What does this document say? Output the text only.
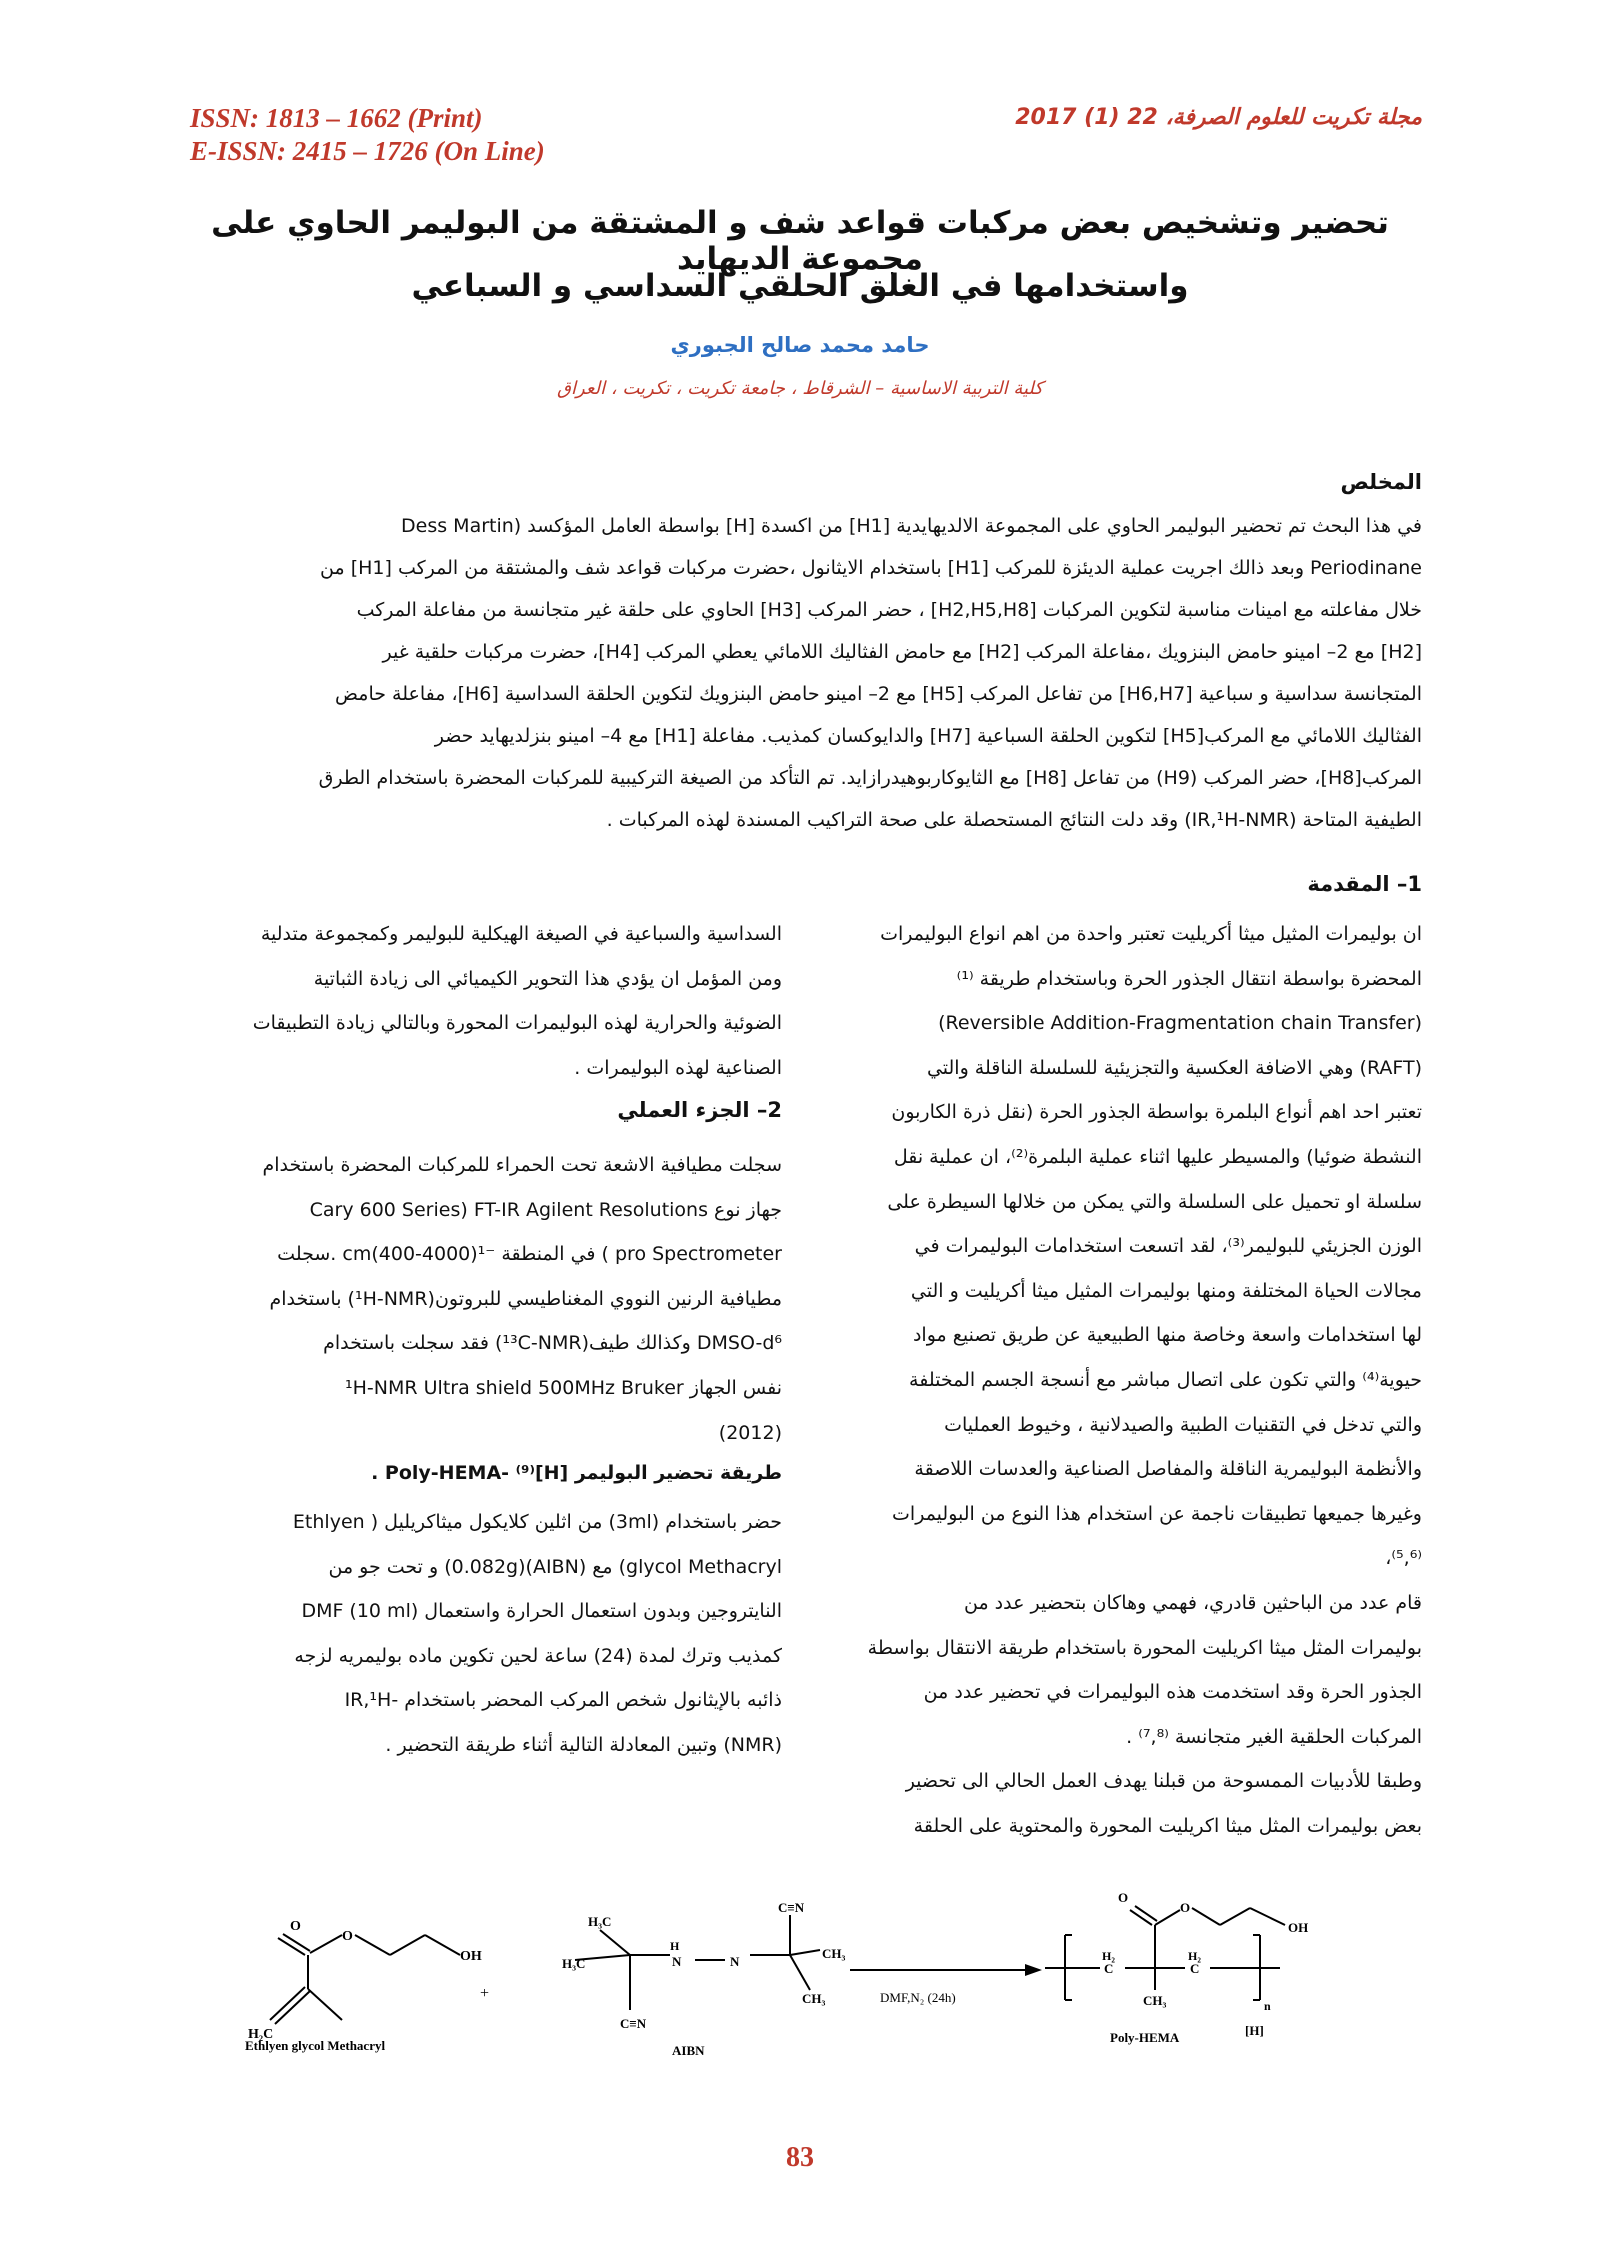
ISSN: 1813 – 1662 (Print)
E-ISSN: 2415 – 1726 (On Line)
مجلة تكريت للعلوم الصرفة، 22 (1) 2017
تحضير وتشخيص بعض مركبات قواعد شف و المشتقة من البوليمر الحاوي على مجموعة الديهايد
واستخدامها في الغلق الحلقي السداسي و السباعي
حامد محمد صالح الجبوري
كلية التربية الاساسية – الشرقاط ، جامعة تكريت ، تكريت ، العراق
المخلص
في هذا البحث تم تحضير البوليمر الحاوي على المجموعة الالديهايدية [H1] من اكسدة [H] بواسطة العامل المؤكسد (Dess Martin
Periodinane وبعد ذالك اجريت عملية الديئزة للمركب [H1] باستخدام الايثانول ،حضرت مركبات قواعد شف والمشتقة من المركب [H1] من
خلال مفاعلته مع امينات مناسبة لتكوين المركبات [H2,H5,H8] ، حضر المركب [H3] الحاوي على حلقة غير متجانسة من مفاعلة المركب
[H2] مع 2– امينو حامض البنزويك ،مفاعلة المركب [H2] مع حامض الفثاليك اللامائي يعطي المركب [H4]، حضرت مركبات حلقية غير
المتجانسة سداسية و سباعية [H6,H7] من تفاعل المركب [H5] مع 2– امينو حامض البنزويك لتكوين الحلقة السداسية [H6]، مفاعلة حامض
الفثاليك اللامائي مع المركب[H5] لتكوين الحلقة السباعية [H7] والدايوكسان كمذيب. مفاعلة [H1] مع 4– امينو بنزلديهايد حضر
المركب[H8]، حضر المركب (H9) من تفاعل [H8] مع الثايوكاربوهيدرازايد. تم التأكد من الصيغة التركيبية للمركبات المحضرة باستخدام الطرق
الطيفية المتاحة (IR,¹H-NMR) وقد دلت النتائج المستحصلة على صحة التراكيب المسندة لهذه المركبات .
1– المقدمة
ان بوليمرات المثيل ميثا أكريليت تعتبر واحدة من اهم انواع البوليمرات
المحضرة بواسطة انتقال الجذور الحرة وباستخدام طريقة ⁽¹⁾
(Reversible Addition-Fragmentation chain Transfer)
(RAFT) وهي الاضافة العكسية والتجزيئية للسلسلة الناقلة والتي
تعتبر احد اهم أنواع البلمرة بواسطة الجذور الحرة (نقل ذرة الكاربون
النشطة ضوئيا) والمسيطر عليها اثناء عملية البلمرة⁽²⁾، ان عملية نقل
سلسلة او تحميل على السلسلة والتي يمكن من خلالها السيطرة على
الوزن الجزيئي للبوليمر⁽³⁾، لقد اتسعت استخدامات البوليمرات في
مجالات الحياة المختلفة ومنها بوليمرات المثيل ميثا أكريليت و التي
لها استخدامات واسعة وخاصة منها الطبيعية عن طريق تصنيع مواد
حيوية⁽⁴⁾ والتي تكون على اتصال مباشر مع أنسجة الجسم المختلفة
والتي تدخل في التقنيات الطبية والصيدلانية ، وخيوط العمليات
والأنظمة البوليمرية الناقلة والمفاصل الصناعية والعدسات اللاصقة
وغيرها جميعها تطبيقات ناجمة عن استخدام هذا النوع من البوليمرات
⁽⁵,⁶⁾،
قام عدد من الباحثين قادري، فهمي وهاكان بتحضير عدد من
بوليمرات المثل ميثا اكريليت المحورة باستخدام طريقة الانتقال بواسطة
الجذور الحرة وقد استخدمت هذه البوليمرات في تحضير عدد من
المركبات الحلقية الغير متجانسة ⁽⁷,⁸⁾ .
وطبقا للأدبيات الممسوحة من قبلنا يهدف العمل الحالي الى تحضير
بعض بوليمرات المثل ميثا اكريليت المحورة والمحتوية على الحلقة
السداسية والسباعية في الصيغة الهيكلية للبوليمر وكمجموعة متدلية
ومن المؤمل ان يؤدي هذا التحوير الكيميائي الى زيادة الثباتية
الضوئية والحرارية لهذه البوليمرات المحورة وبالتالي زيادة التطبيقات
الصناعية لهذه البوليمرات .
2– الجزء العملي
سجلت مطيافية الاشعة تحت الحمراء للمركبات المحضرة باستخدام
جهاز نوع Cary 600 Series) FT-IR Agilent Resolutions
pro Spectrometer ) في المنطقة ⁻¹(4000-400)cm .سجلت
مطيافية الرنين النووي المغناطيسي للبروتون(¹H-NMR) باستخدام
DMSO-d⁶ وكذالك طيف(¹³C-NMR) فقد سجلت باستخدام
نفس الجهاز ¹H-NMR Ultra shield 500MHz Bruker
(2012)
طريقة تحضير البوليمر [H]Poly-HEMA- ⁽⁹⁾ .
حضر باستخدام (3ml) من اثلين كلايكول ميثاكريليل ( Ethlyen
glycol Methacryl) مع (AIBN)(0.082g) و تحت جو من
النايتروجين وبدون استعمال الحرارة واستعمال (DMF (10 ml
كمذيب وترك لمدة (24) ساعة لحين تكوين ماده بوليمريه لزجه
ذائبه بالإيثانول شخص المركب المحضر باستخدام -IR,¹H
(NMR) وتبين المعادلة التالية أثناء طريقة التحضير .
O
O
OH
H₂C
Ethlyen glycol Methacryl
+
H₃C
H₃C
H
N	N
C≡N
C≡N
CH₃
CH₃
AIBN
DMF,N₂ (24h)
H₂
C
H₂
C
CH₃
O
O
OH
n
Poly-HEMA	[H]
83
